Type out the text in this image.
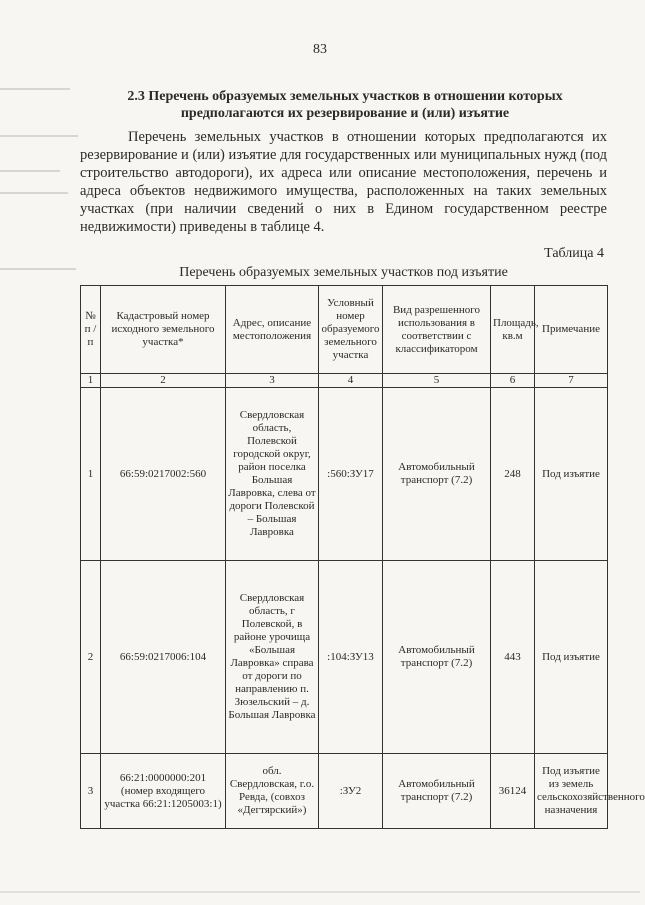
83
2.3 Перечень образуемых земельных участков в отношении которых предполагаются их резервирование и (или) изъятие
Перечень земельных участков в отношении которых предполагаются их резервирование и (или) изъятие для государственных или муниципальных нужд (под строительство автодороги), их адреса или описание местоположения, перечень и адреса объектов недвижимого имущества, расположенных на таких земельных участках (при наличии сведений о них в Едином государственном реестре недвижимости) приведены в таблице 4.
Таблица 4
Перечень образуемых земельных участков под изъятие
№ п /п	Кадастровый номер исходного земельного участка*	Адрес, описание местоположения	Условный номер образуемого земельного участка	Вид разрешенного использования в соответствии с классификатором	Площадь, кв.м	Примечание
1	2	3	4	5	6	7
1	66:59:0217002:560	Свердловская область, Полевской городской округ, район поселка Большая Лавровка, слева от дороги Полевской – Большая Лавровка	:560:ЗУ17	Автомобильный транспорт (7.2)	248	Под изъятие
2	66:59:0217006:104	Свердловская область, г Полевской, в районе урочища «Большая Лавровка» справа от дороги по направлению п. Зюзельский – д. Большая Лавровка	:104:ЗУ13	Автомобильный транспорт (7.2)	443	Под изъятие
3	66:21:0000000:201 (номер входящего участка 66:21:1205003:1)	обл. Свердловская, г.о. Ревда, (совхоз «Дегтярский»)	:ЗУ2	Автомобильный транспорт (7.2)	36124	Под изъятие из земель сельскохозяйственного назначения
